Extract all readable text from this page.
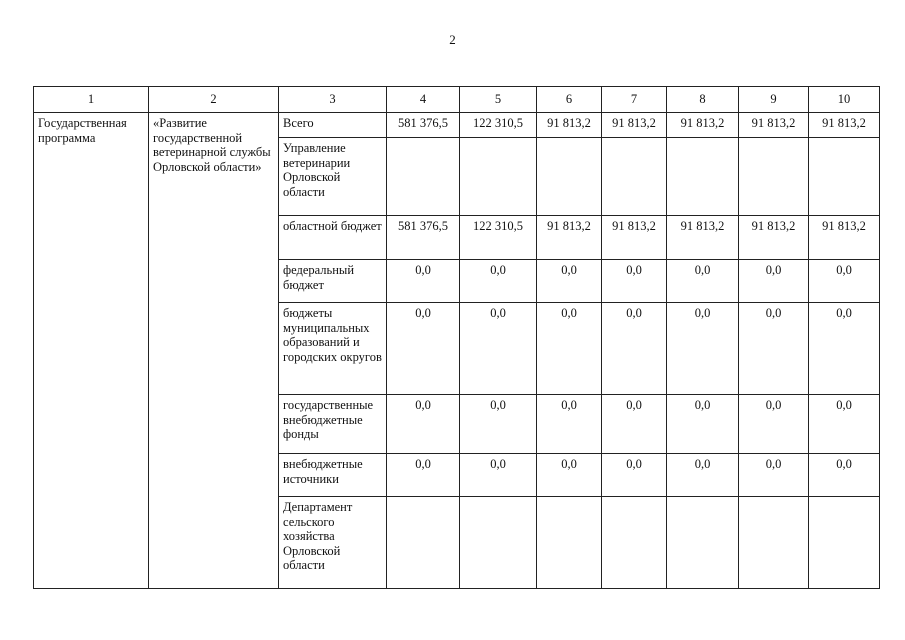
2
1	2	3	4	5	6	7	8	9	10
Государственная программа	«Развитие государственной ветеринарной службы Орловской области»	Всего	581 376,5	122 310,5	91 813,2	91 813,2	91 813,2	91 813,2	91 813,2
		Управление ветеринарии Орловской области							
		областной бюджет	581 376,5	122 310,5	91 813,2	91 813,2	91 813,2	91 813,2	91 813,2
		федеральный бюджет	0,0	0,0	0,0	0,0	0,0	0,0	0,0
		бюджеты муниципальных образований и городских округов	0,0	0,0	0,0	0,0	0,0	0,0	0,0
		государственные внебюджетные фонды	0,0	0,0	0,0	0,0	0,0	0,0	0,0
		внебюджетные источники	0,0	0,0	0,0	0,0	0,0	0,0	0,0
		Департамент сельского хозяйства Орловской области							
